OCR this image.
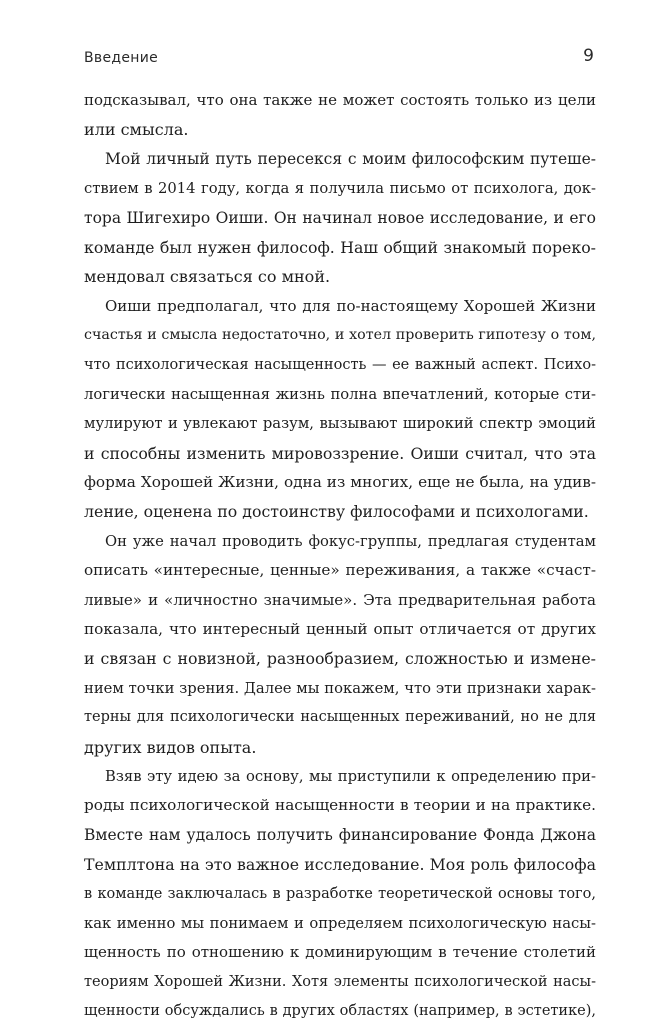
Введение	9
подсказывал, что она также не может состоять только из цели
или смысла.
Мой личный путь пересекся с моим философским путеше-
ствием в 2014 году, когда я получила письмо от психолога, док-
тора Шигехиро Оиши. Он начинал новое исследование, и его
команде был нужен философ. Наш общий знакомый пореко-
мендовал связаться со мной.
Оиши предполагал, что для по-настоящему Хорошей Жизни
счастья и смысла недостаточно, и хотел проверить гипотезу о том,
что психологическая насыщенность — ее важный аспект. Психо-
логически насыщенная жизнь полна впечатлений, которые сти-
мулируют и увлекают разум, вызывают широкий спектр эмоций
и способны изменить мировоззрение. Оиши считал, что эта
форма Хорошей Жизни, одна из многих, еще не была, на удив-
ление, оценена по достоинству философами и психологами.
Он уже начал проводить фокус-группы, предлагая студентам
описать «интересные, ценные» переживания, а также «счаст-
ливые» и «личностно значимые». Эта предварительная работа
показала, что интересный ценный опыт отличается от других
и связан с новизной, разнообразием, сложностью и измене-
нием точки зрения. Далее мы покажем, что эти признаки харак-
терны для психологически насыщенных переживаний, но не для
других видов опыта.
Взяв эту идею за основу, мы приступили к определению при-
роды психологической насыщенности в теории и на практике.
Вместе нам удалось получить финансирование Фонда Джона
Темплтона на это важное исследование. Моя роль философа
в команде заключалась в разработке теоретической основы того,
как именно мы понимаем и определяем психологическую насы-
щенность по отношению к доминирующим в течение столетий
теориям Хорошей Жизни. Хотя элементы психологической насы-
щенности обсуждались в других областях (например, в эстетике),
